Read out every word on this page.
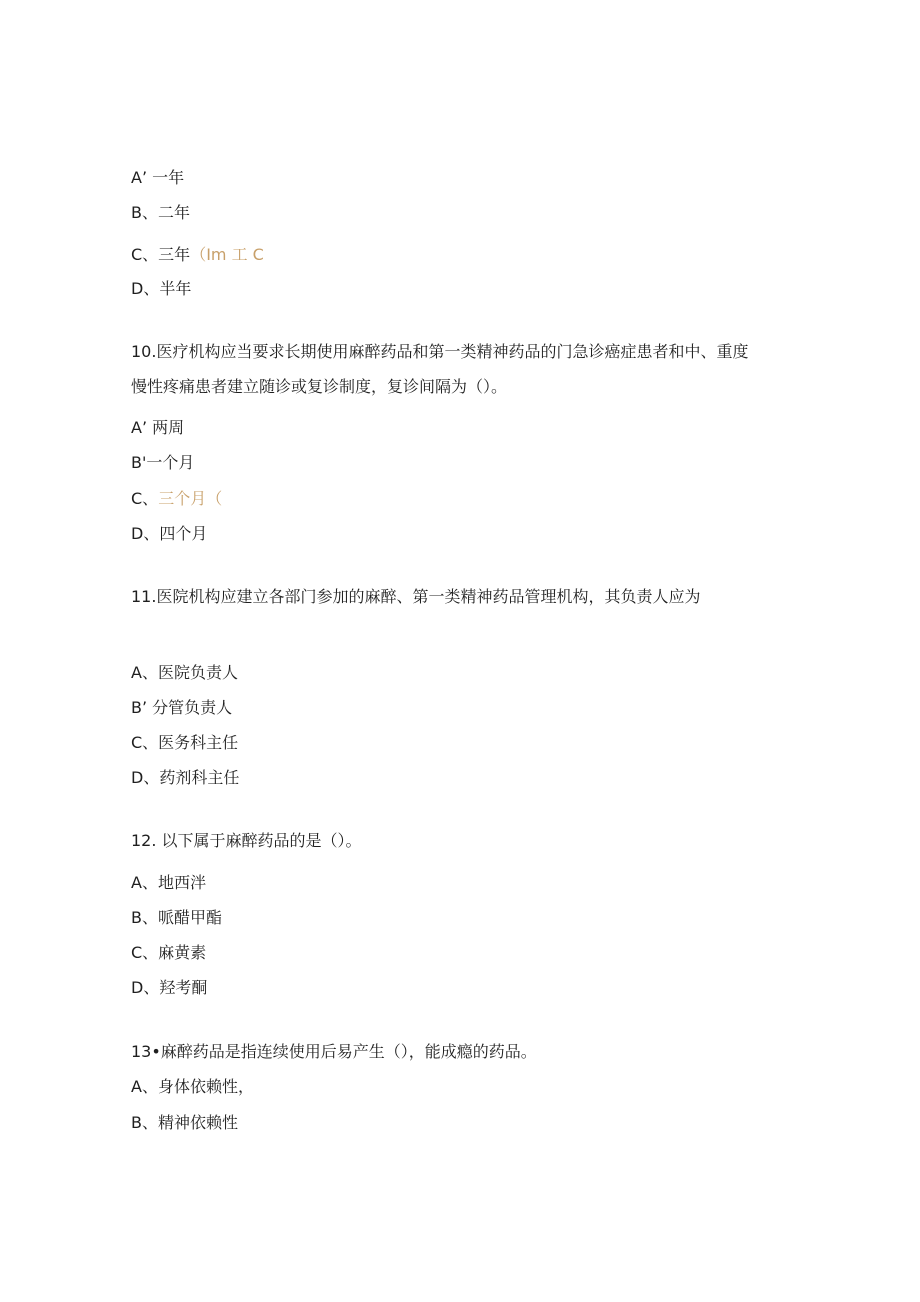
A’ 一年
B、二年
C、三年（Im 工 C
D、半年
10.医疗机构应当要求长期使用麻醉药品和第一类精神药品的门急诊癌症患者和中、重度
慢性疼痛患者建立随诊或复诊制度，复诊间隔为（）。
A’ 两周
B'一个月
C、三个月（
D、四个月
11.医院机构应建立各部门参加的麻醉、第一类精神药品管理机构，其负责人应为
A、医院负责人
B’ 分管负责人
C、医务科主任
D、药剂科主任
12. 以下属于麻醉药品的是（）。
A、地西泮
B、哌醋甲酯
C、麻黄素
D、羟考酮
13•麻醉药品是指连续使用后易产生（），能成瘾的药品。
A、身体依赖性，
B、精神依赖性
